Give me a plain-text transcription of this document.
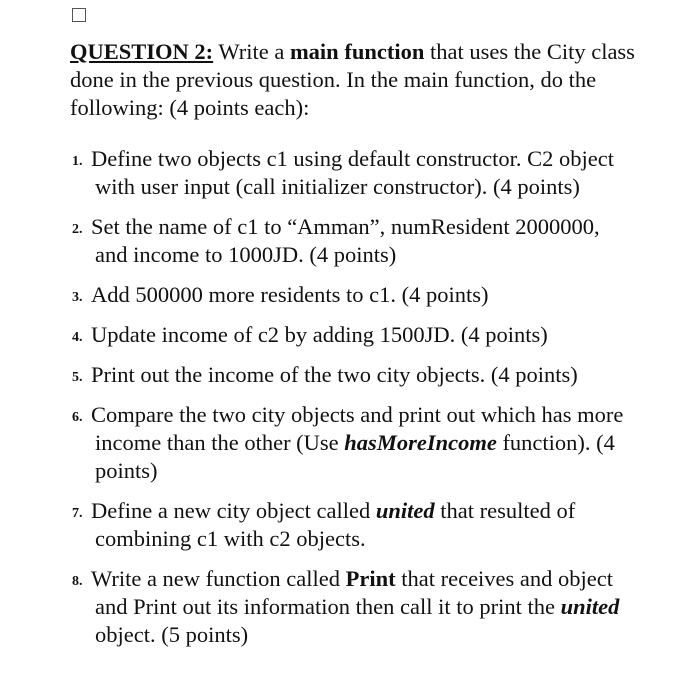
QUESTION 2: Write a main function that uses the City class done in the previous question. In the main function, do the following: (4 points each):
1. Define two objects c1 using default constructor. C2 object with user input (call initializer constructor). (4 points)
2. Set the name of c1 to “Amman”, numResident 2000000, and income to 1000JD. (4 points)
3. Add 500000 more residents to c1. (4 points)
4. Update income of c2 by adding 1500JD. (4 points)
5. Print out the income of the two city objects. (4 points)
6. Compare the two city objects and print out which has more income than the other (Use hasMoreIncome function). (4 points)
7. Define a new city object called united that resulted of combining c1 with c2 objects.
8. Write a new function called Print that receives and object and Print out its information then call it to print the united object. (5 points)
